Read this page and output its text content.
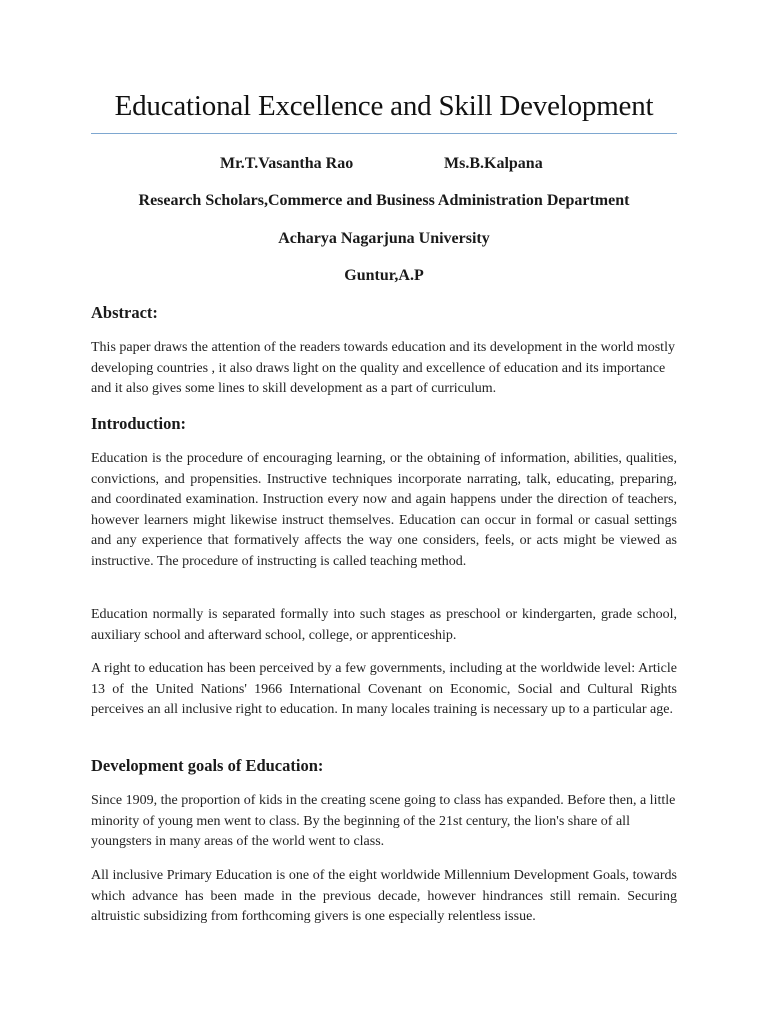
Educational Excellence and Skill Development
Mr.T.Vasantha Rao	Ms.B.Kalpana
Research Scholars,Commerce and Business Administration Department
Acharya Nagarjuna University
Guntur,A.P
Abstract:
This paper draws the attention of the readers towards education and its development in the world mostly developing countries , it also draws light on the quality and excellence of education and its importance and it also gives some lines to skill development as a part of curriculum.
Introduction:
Education is the procedure of encouraging learning, or the obtaining of information, abilities, qualities, convictions, and propensities. Instructive techniques incorporate narrating, talk, educating, preparing, and coordinated examination. Instruction every now and again happens under the direction of teachers, however learners might likewise instruct themselves. Education can occur in formal or casual settings and any experience that formatively affects the way one considers, feels, or acts might be viewed as instructive. The procedure of instructing is called teaching method.
Education normally is separated formally into such stages as preschool or kindergarten, grade school, auxiliary school and afterward school, college, or apprenticeship.
A right to education has been perceived by a few governments, including at the worldwide level: Article 13 of the United Nations' 1966 International Covenant on Economic, Social and Cultural Rights perceives an all inclusive right to education. In many locales training is necessary up to a particular age.
Development goals of Education:
Since 1909, the proportion of kids in the creating scene going to class has expanded. Before then, a little minority of young men went to class. By the beginning of the 21st century, the lion's share of all youngsters in many areas of the world went to class.
All inclusive Primary Education is one of the eight worldwide Millennium Development Goals, towards which advance has been made in the previous decade, however hindrances still remain. Securing altruistic subsidizing from forthcoming givers is one especially relentless issue.
